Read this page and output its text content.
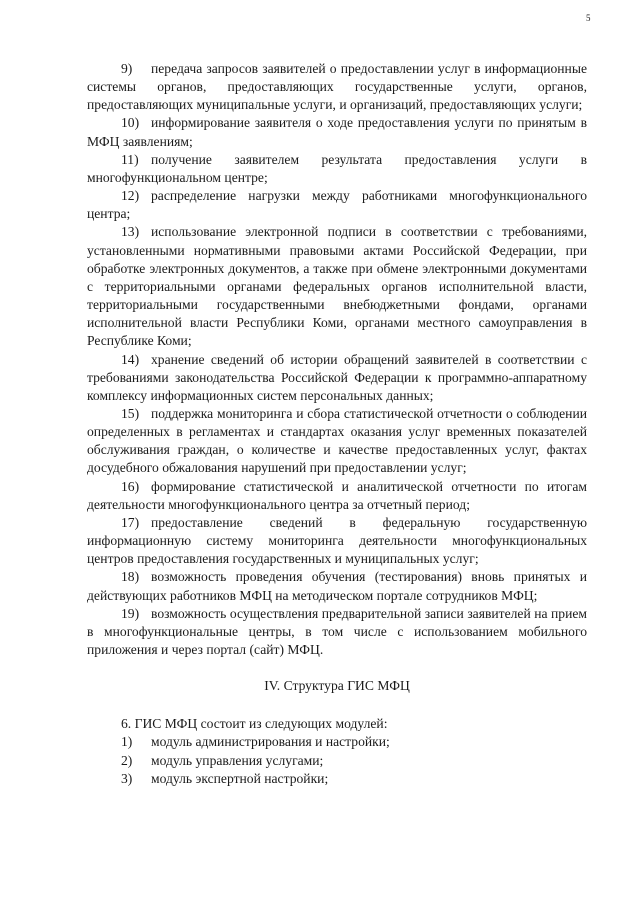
5

9) передача запросов заявителей о предоставлении услуг в информационные системы органов, предоставляющих государственные услуги, органов, предоставляющих муниципальные услуги, и организаций, предоставляющих услуги;

10) информирование заявителя о ходе предоставления услуги по принятым в МФЦ заявлениям;

11) получение заявителем результата предоставления услуги в многофункциональном центре;

12) распределение нагрузки между работниками многофункционального центра;

13) использование электронной подписи в соответствии с требованиями, установленными нормативными правовыми актами Российской Федерации, при обработке электронных документов, а также при обмене электронными документами с территориальными органами федеральных органов исполнительной власти, территориальными государственными внебюджетными фондами, органами исполнительной власти Республики Коми, органами местного самоуправления в Республике Коми;

14) хранение сведений об истории обращений заявителей в соответствии с требованиями законодательства Российской Федерации к программно-аппаратному комплексу информационных систем персональных данных;

15) поддержка мониторинга и сбора статистической отчетности о соблюдении определенных в регламентах и стандартах оказания услуг временных показателей обслуживания граждан, о количестве и качестве предоставленных услуг, фактах досудебного обжалования нарушений при предоставлении услуг;

16) формирование статистической и аналитической отчетности по итогам деятельности многофункционального центра за отчетный период;

17) предоставление сведений в федеральную государственную информационную систему мониторинга деятельности многофункциональных центров предоставления государственных и муниципальных услуг;

18) возможность проведения обучения (тестирования) вновь принятых и действующих работников МФЦ на методическом портале сотрудников МФЦ;

19) возможность осуществления предварительной записи заявителей на прием в многофункциональные центры, в том числе с использованием мобильного приложения и через портал (сайт) МФЦ.

IV. Структура ГИС МФЦ

6. ГИС МФЦ состоит из следующих модулей:

1) модуль администрирования и настройки;

2) модуль управления услугами;

3) модуль экспертной настройки;
